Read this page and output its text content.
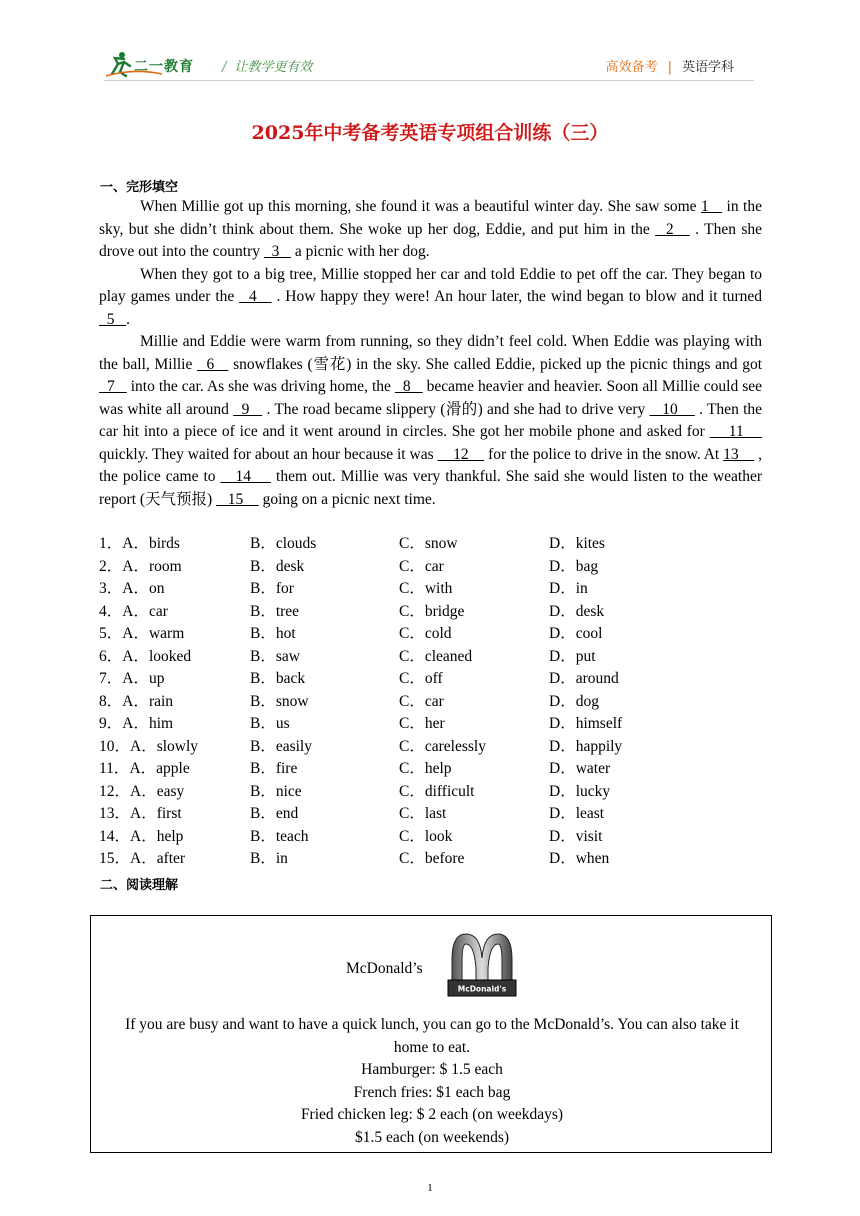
二一教育 / 让教学更有效	高效备考 | 英语学科
2025年中考备考英语专项组合训练（三）
一、完形填空

When Millie got up this morning, she found it was a beautiful winter day. She saw some 1    in the sky, but she didn’t think about them. She woke up her dog, Eddie, and put him in the   2    . Then she drove out into the country   3    a picnic with her dog.

When they got to a big tree, Millie stopped her car and told Eddie to pet off the car. They began to play games under the   4    . How happy they were! An hour later, the wind began to blow and it turned   5   .

Millie and Eddie were warm from running, so they didn’t feel cold. When Eddie was playing with the ball, Millie   6    snowflakes (雪花) in the sky. She called Eddie, picked up the picnic things and got   7    into the car. As she was driving home, the   8    became heavier and heavier. Soon all Millie could see was white all around   9    . The road became slippery (滑的) and she had to drive very    10     . Then the car hit into a piece of ice and it went around in circles. She got her mobile phone and asked for     11     quickly. They waited for about an hour because it was     12     for the police to drive in the snow. At 13     , the police came to    14     them out. Millie was very thankful. She said she would listen to the weather report (天气预报)    15     going on a picnic next time.

1．A．birds	B．clouds	C．snow	D．kites
2．A．room	B．desk	C．car	D．bag
3．A．on	B．for	C．with	D．in
4．A．car	B．tree	C．bridge	D．desk
5．A．warm	B．hot	C．cold	D．cool
6．A．looked	B．saw	C．cleaned	D．put
7．A．up	B．back	C．off	D．around
8．A．rain	B．snow	C．car	D．dog
9．A．him	B．us	C．her	D．himself
10．A．slowly	B．easily	C．carelessly	D．happily
11．A．apple	B．fire	C．help	D．water
12．A．easy	B．nice	C．difficult	D．lucky
13．A．first	B．end	C．last	D．least
14．A．help	B．teach	C．look	D．visit
15．A．after	B．in	C．before	D．when
二、阅读理解
McDonald’s
McDonald's
If you are busy and want to have a quick lunch, you can go to the McDonald’s. You can also take it home to eat.
Hamburger: $ 1.5 each
French fries: $1 each bag
Fried chicken leg: $ 2 each (on weekdays)
$1.5 each (on weekends)
1
